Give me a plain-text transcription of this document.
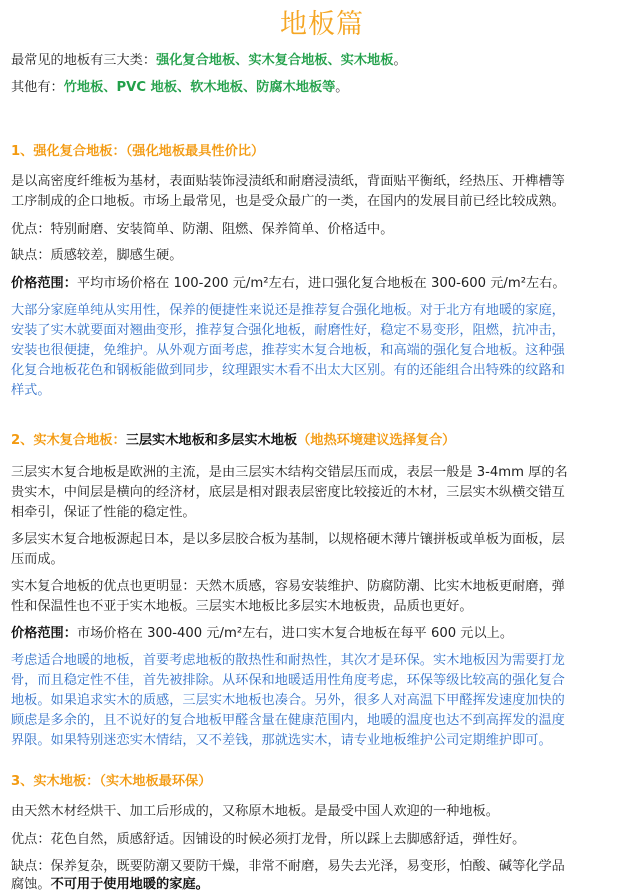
地板篇
最常见的地板有三大类：强化复合地板、实木复合地板、实木地板。
其他有：竹地板、PVC 地板、软木地板、防腐木地板等。
1、强化复合地板：（强化地板最具性价比）
是以高密度纤维板为基材，表面贴装饰浸渍纸和耐磨浸渍纸，背面贴平衡纸，经热压、开榫槽等
工序制成的企口地板。市场上最常见，也是受众最广的一类，在国内的发展目前已经比较成熟。
优点：特别耐磨、安装简单、防潮、阻燃、保养简单、价格适中。
缺点：质感较差，脚感生硬。
价格范围：平均市场价格在 100-200 元/m²左右，进口强化复合地板在 300-600 元/m²左右。
大部分家庭单纯从实用性，保养的便捷性来说还是推荐复合强化地板。对于北方有地暖的家庭，
安装了实木就要面对翘曲变形，推荐复合强化地板，耐磨性好，稳定不易变形，阻燃，抗冲击，
安装也很便捷，免维护。从外观方面考虑，推荐实木复合地板，和高端的强化复合地板。这种强
化复合地板花色和钢板能做到同步，纹理跟实木看不出太大区别。有的还能组合出特殊的纹路和
样式。
2、实木复合地板：三层实木地板和多层实木地板（地热环境建议选择复合）
三层实木复合地板是欧洲的主流，是由三层实木结构交错层压而成，表层一般是 3-4mm 厚的名
贵实木，中间层是横向的经济材，底层是相对跟表层密度比较接近的木材，三层实木纵横交错互
相牵引，保证了性能的稳定性。
多层实木复合地板源起日本，是以多层胶合板为基制，以规格硬木薄片镶拼板或单板为面板，层
压而成。
实木复合地板的优点也更明显：天然木质感，容易安装维护、防腐防潮、比实木地板更耐磨，弹
性和保温性也不亚于实木地板。三层实木地板比多层实木地板贵，品质也更好。
价格范围：市场价格在 300-400 元/m²左右，进口实木复合地板在每平 600 元以上。
考虑适合地暖的地板，首要考虑地板的散热性和耐热性，其次才是环保。实木地板因为需要打龙
骨，而且稳定性不佳，首先被排除。从环保和地暖适用性角度考虑，环保等级比较高的强化复合
地板。如果追求实木的质感，三层实木地板也凑合。另外，很多人对高温下甲醛挥发速度加快的
顾虑是多余的，且不说好的复合地板甲醛含量在健康范围内，地暖的温度也达不到高挥发的温度
界限。如果特别迷恋实木情结，又不差钱，那就选实木，请专业地板维护公司定期维护即可。
3、实木地板：（实木地板最环保）
由天然木材经烘干、加工后形成的，又称原木地板。是最受中国人欢迎的一种地板。
优点：花色自然，质感舒适。因铺设的时候必须打龙骨，所以踩上去脚感舒适，弹性好。
缺点：保养复杂，既要防潮又要防干燥，非常不耐磨，易失去光泽，易变形，怕酸、碱等化学品
腐蚀。不可用于使用地暖的家庭。
